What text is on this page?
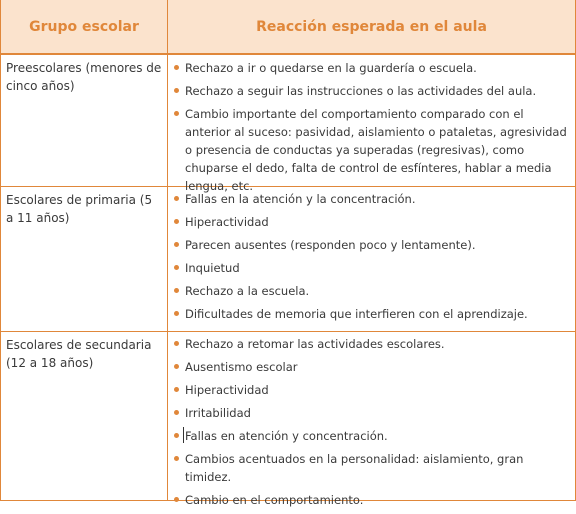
Grupo escolar	Reacción esperada en el aula
Preescolares (menores de cinco años)
Rechazo a ir o quedarse en la guardería o escuela.
Rechazo a seguir las instrucciones o las actividades del aula.
Cambio importante del comportamiento comparado con el anterior al suceso: pasividad, aislamiento o pataletas, agresividad o presencia de conductas ya superadas (regresivas), como chuparse el dedo, falta de control de esfínteres, hablar a media lengua, etc.
Escolares de primaria (5 a 11 años)
Fallas en la atención y la concentración.
Hiperactividad
Parecen ausentes (responden poco y lentamente).
Inquietud
Rechazo a la escuela.
Dificultades de memoria que interfieren con el aprendizaje.
Escolares de secundaria (12 a 18 años)
Rechazo a retomar las actividades escolares.
Ausentismo escolar
Hiperactividad
Irritabilidad
Fallas en atención y concentración.
Cambios acentuados en la personalidad: aislamiento, gran timidez.
Cambio en el comportamiento.
